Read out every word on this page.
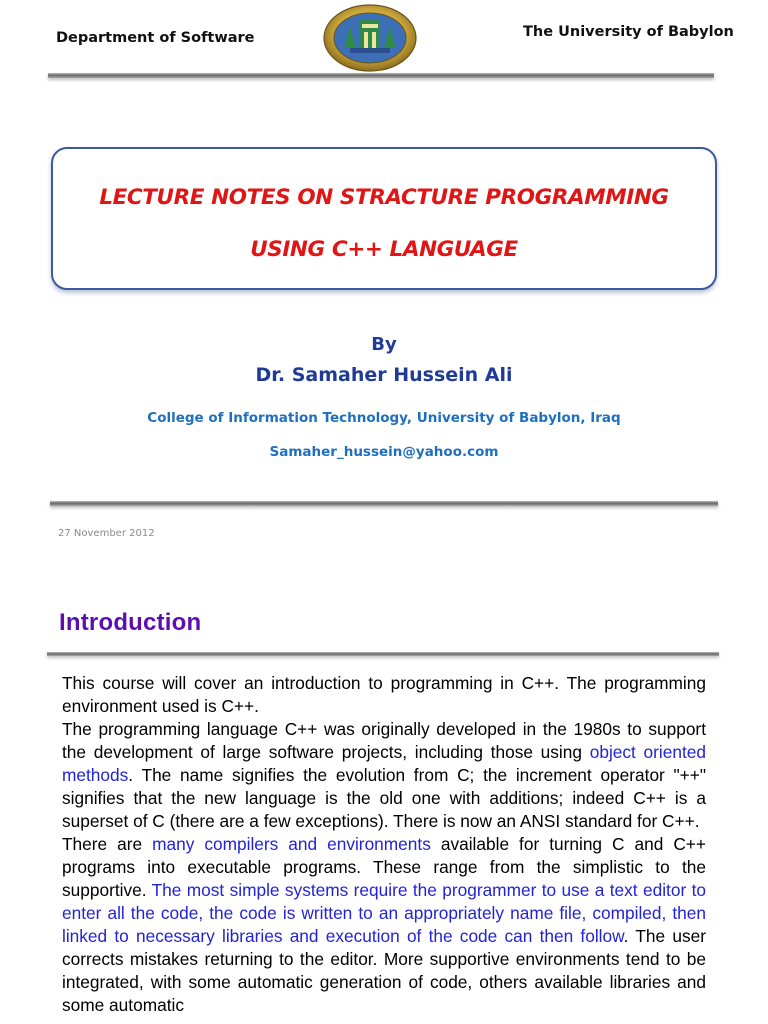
Department of Software	The University of Babylon
LECTURE NOTES ON STRACTURE PROGRAMMING
USING C++ LANGUAGE
By
Dr. Samaher Hussein Ali
College of Information Technology, University of Babylon, Iraq
Samaher_hussein@yahoo.com
27 November 2012
Introduction

This course will cover an introduction to programming in C++. The programming environment used is C++.

The programming language C++ was originally developed in the 1980s to support the development of large software projects, including those using object oriented methods. The name signifies the evolution from C; the increment operator "++" signifies that the new language is the old one with additions; indeed C++ is a superset of C (there are a few exceptions). There is now an ANSI standard for C++.

There are many compilers and environments available for turning C and C++ programs into executable programs. These range from the simplistic to the supportive. The most simple systems require the programmer to use a text editor to enter all the code, the code is written to an appropriately name file, compiled, then linked to necessary libraries and execution of the code can then follow. The user corrects mistakes returning to the editor. More supportive environments tend to be integrated, with some automatic generation of code, others available libraries and some automatic
